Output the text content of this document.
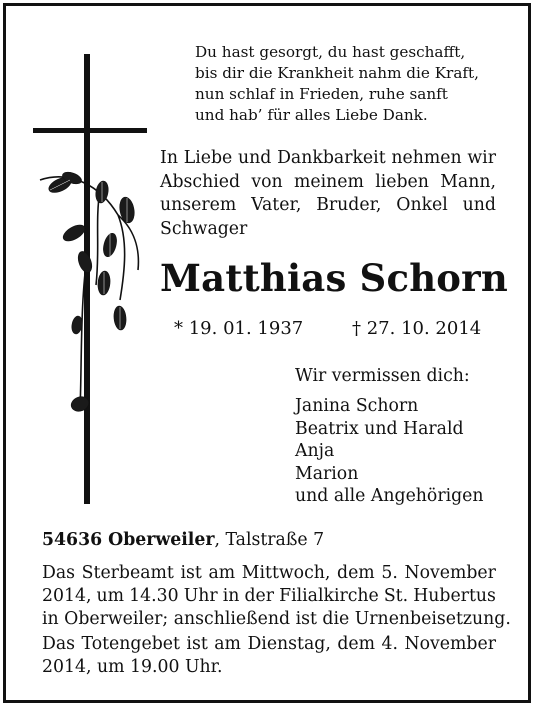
Du hast gesorgt, du hast geschafft,
bis dir die Krankheit nahm die Kraft,
nun schlaf in Frieden, ruhe sanft
und hab’ für alles Liebe Dank.
In Liebe und Dankbarkeit nehmen wir
Abschied von meinem lieben Mann,
unserem Vater, Bruder, Onkel und
Schwager
Matthias Schorn
* 19. 01. 1937	† 27. 10. 2014
Wir vermissen dich:
Janina Schorn
Beatrix und Harald
Anja
Marion
und alle Angehörigen
54636 Oberweiler, Talstraße 7
Das Sterbeamt ist am Mittwoch, dem 5. November
2014, um 14.30 Uhr in der Filialkirche St. Hubertus
in Oberweiler; anschließend ist die Urnenbeisetzung.
Das Totengebet ist am Dienstag, dem 4. November
2014, um 19.00 Uhr.
